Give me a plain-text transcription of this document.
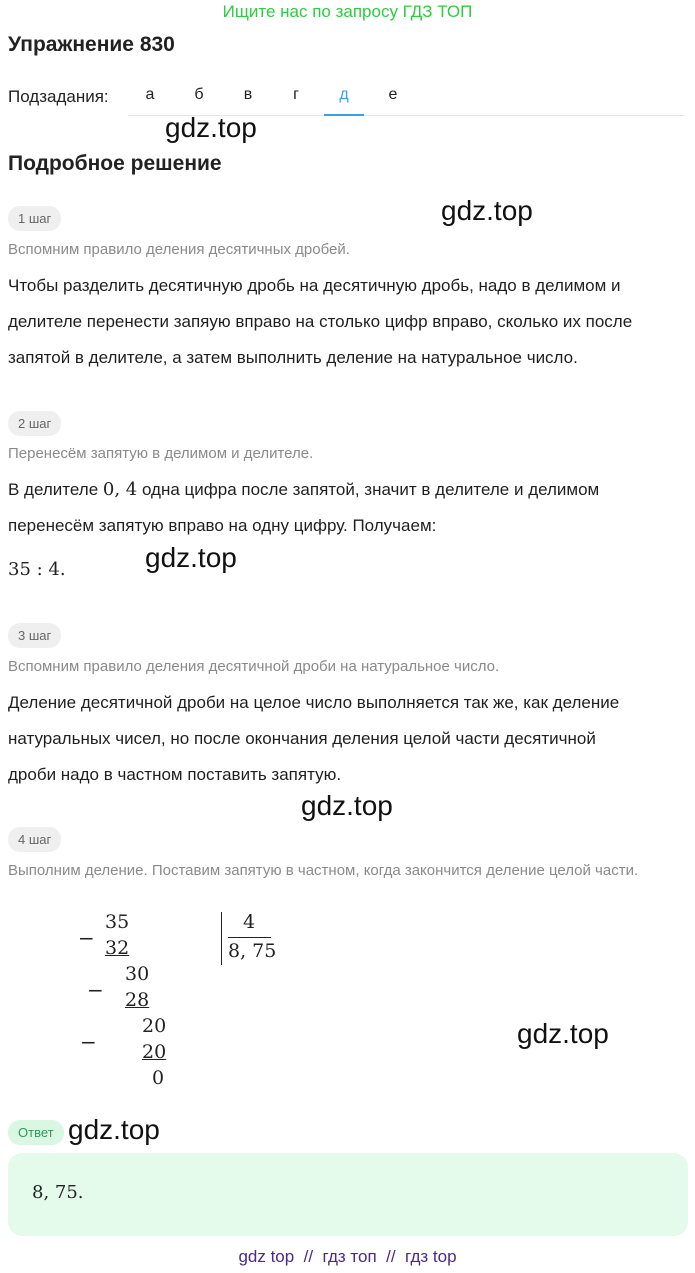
Ищите нас по запросу ГДЗ ТОП
Упражнение 830
Подзадания:	а	б	в	г	д	е
gdz.top
Подробное решение
1 шаг	gdz.top
Вспомним правило деления десятичных дробей.
Чтобы разделить десятичную дробь на десятичную дробь, надо в делимом и
делителе перенести запяую вправо на столько цифр вправо, сколько их после
запятой в делителе, а затем выполнить деление на натуральное число.
2 шаг
Перенесём запятую в делимом и делителе.
В делителе 0, 4 одна цифра после запятой, значит в делителе и делимом
перенесём запятую вправо на одну цифру. Получаем:
35 : 4.	gdz.top
3 шаг
Вспомним правило деления десятичной дроби на натуральное число.
Деление десятичной дроби на целое число выполняется так же, как деление
натуральных чисел, но после окончания деления целой части десятичной
дроби надо в частном поставить запятую.
gdz.top
4 шаг
Выполним деление. Поставим запятую в частном, когда закончится деление целой части.
−
35
32
−
30
28
−
20
20
0
4
8, 75
gdz.top
Ответ gdz.top
8, 75.
gdz top  //  гдз топ  //  гдз top
